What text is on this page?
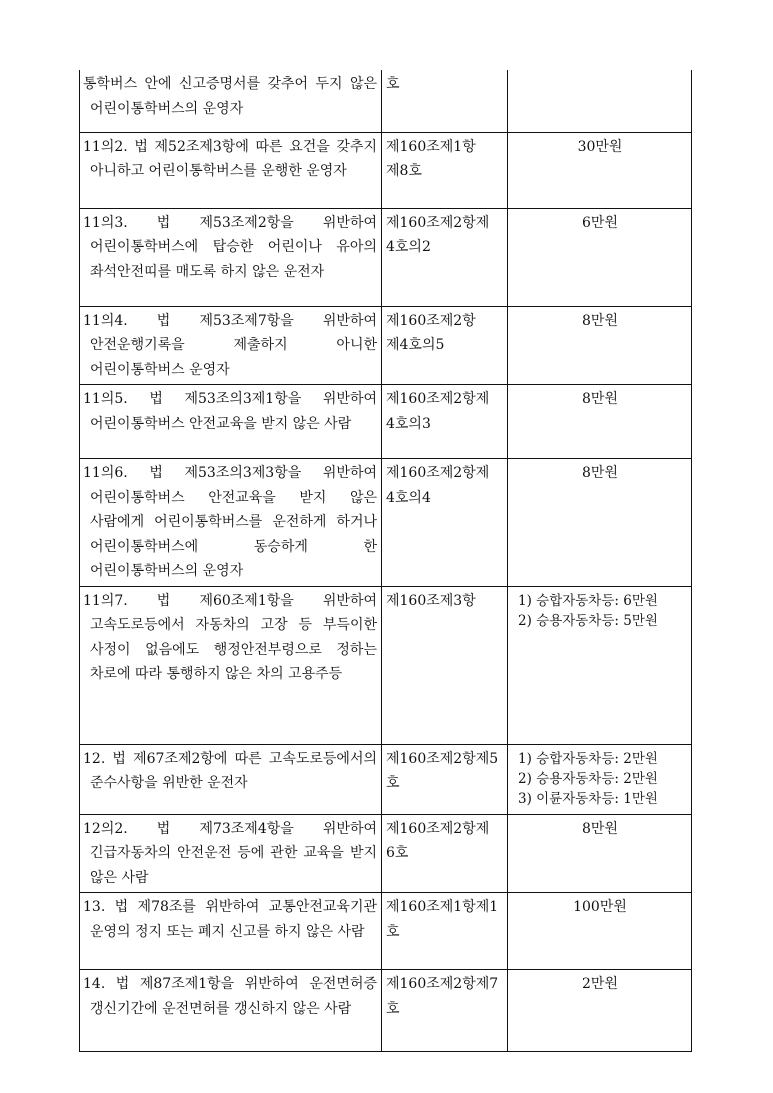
통학버스 안에 신고증명서를 갖추어 두지 않은 어린이통학버스의 운영자	호	
11의2. 법 제52조제3항에 따른 요건을 갖추지 아니하고 어린이통학버스를 운행한 운영자	제160조제1항 제8호	30만원
11의3. 법 제53조제2항을 위반하여 어린이통학버스에 탑승한 어린이나 유아의 좌석안전띠를 매도록 하지 않은 운전자	제160조제2항제 4호의2	6만원
11의4. 법 제53조제7항을 위반하여 안전운행기록을 제출하지 아니한 어린이통학버스 운영자	제160조제2항 제4호의5	8만원
11의5. 법 제53조의3제1항을 위반하여 어린이통학버스 안전교육을 받지 않은 사람	제160조제2항제 4호의3	8만원
11의6. 법 제53조의3제3항을 위반하여 어린이통학버스 안전교육을 받지 않은 사람에게 어린이통학버스를 운전하게 하거나 어린이통학버스에 동승하게 한 어린이통학버스의 운영자	제160조제2항제 4호의4	8만원
11의7. 법 제60조제1항을 위반하여 고속도로등에서 자동차의 고장 등 부득이한 사정이 없음에도 행정안전부령으로 정하는 차로에 따라 통행하지 않은 차의 고용주등	제160조제3항	1) 승합자동차등: 6만원
2) 승용자동차등: 5만원

12. 법 제67조제2항에 따른 고속도로등에서의 준수사항을 위반한 운전자	제160조제2항제5호	1) 승합자동차등: 2만원
2) 승용자동차등: 2만원
3) 이륜자동차등: 1만원

12의2. 법 제73조제4항을 위반하여 긴급자동차의 안전운전 등에 관한 교육을 받지 않은 사람	제160조제2항제 6호	8만원
13. 법 제78조를 위반하여 교통안전교육기관 운영의 정지 또는 폐지 신고를 하지 않은 사람	제160조제1항제1 호	100만원
14. 법 제87조제1항을 위반하여 운전면허증 갱신기간에 운전면허를 갱신하지 않은 사람	제160조제2항제7 호	2만원
